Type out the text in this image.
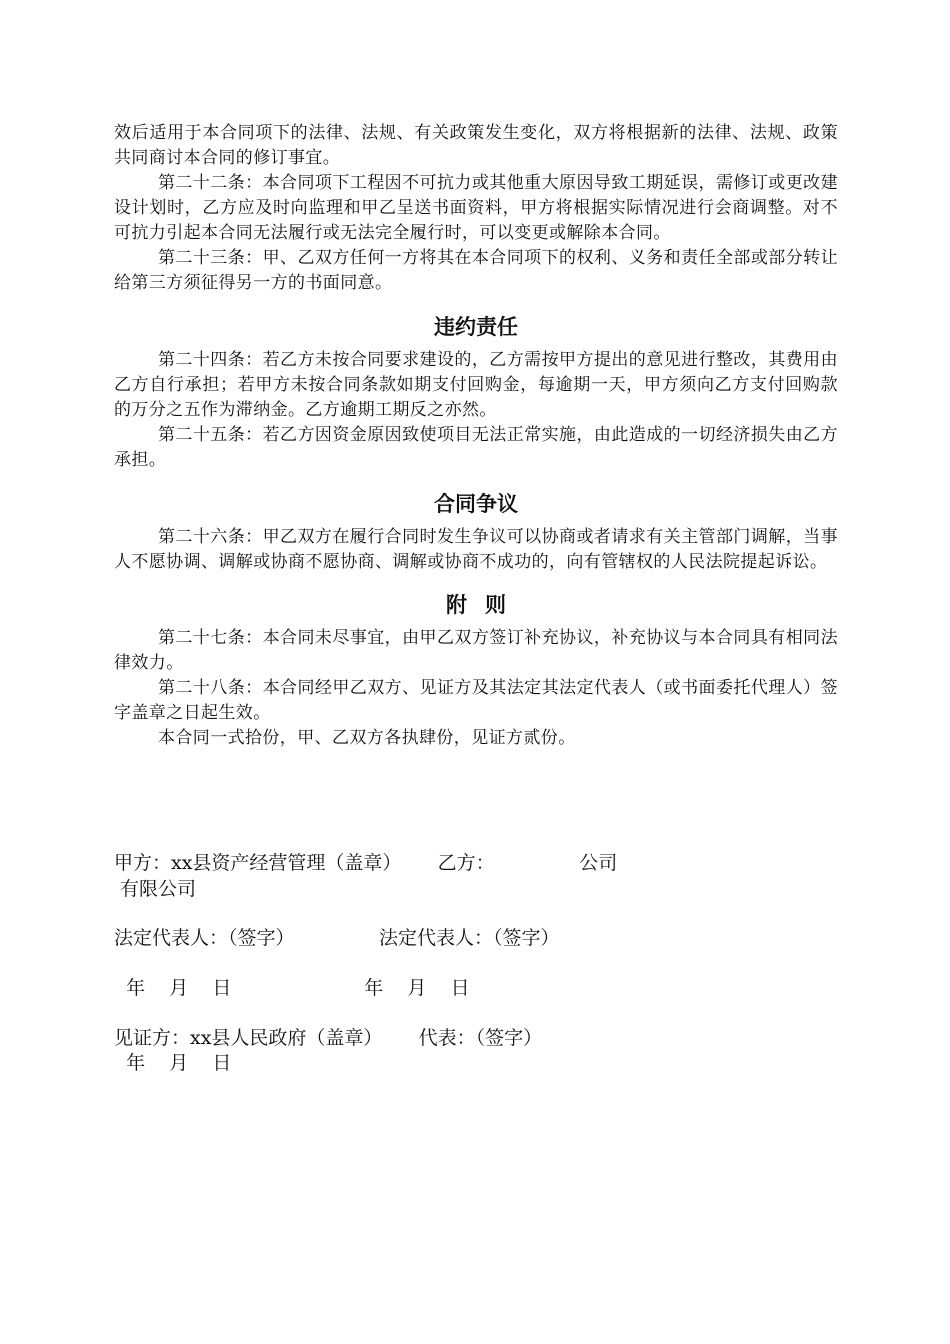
效后适用于本合同项下的法律、法规、有关政策发生变化，双方将根据新的法律、法规、政策共同商讨本合同的修订事宜。

第二十二条：本合同项下工程因不可抗力或其他重大原因导致工期延误，需修订或更改建设计划时，乙方应及时向监理和甲乙呈送书面资料，甲方将根据实际情况进行会商调整。对不可抗力引起本合同无法履行或无法完全履行时，可以变更或解除本合同。

第二十三条：甲、乙双方任何一方将其在本合同项下的权利、义务和责任全部或部分转让给第三方须征得另一方的书面同意。

违约责任

第二十四条：若乙方未按合同要求建设的，乙方需按甲方提出的意见进行整改，其费用由乙方自行承担；若甲方未按合同条款如期支付回购金，每逾期一天，甲方须向乙方支付回购款的万分之五作为滞纳金。乙方逾期工期反之亦然。

第二十五条：若乙方因资金原因致使项目无法正常实施，由此造成的一切经济损失由乙方承担。

合同争议

第二十六条：甲乙双方在履行合同时发生争议可以协商或者请求有关主管部门调解，当事人不愿协调、调解或协商不愿协商、调解或协商不成功的，向有管辖权的人民法院提起诉讼。

附则

第二十七条：本合同未尽事宜，由甲乙双方签订补充协议，补充协议与本合同具有相同法律效力。

第二十八条：本合同经甲乙双方、见证方及其法定其法定代表人（或书面委托代理人）签字盖章之日起生效。

本合同一式拾份，甲、乙双方各执肆份，见证方贰份。

甲方：xx县资产经营管理（盖章）      乙方：              公司
有限公司
法定代表人：（签字）              法定代表人：（签字）
年    月    日                      年    月    日
见证方：xx县人民政府（盖章）      代表：（签字）
年    月    日
